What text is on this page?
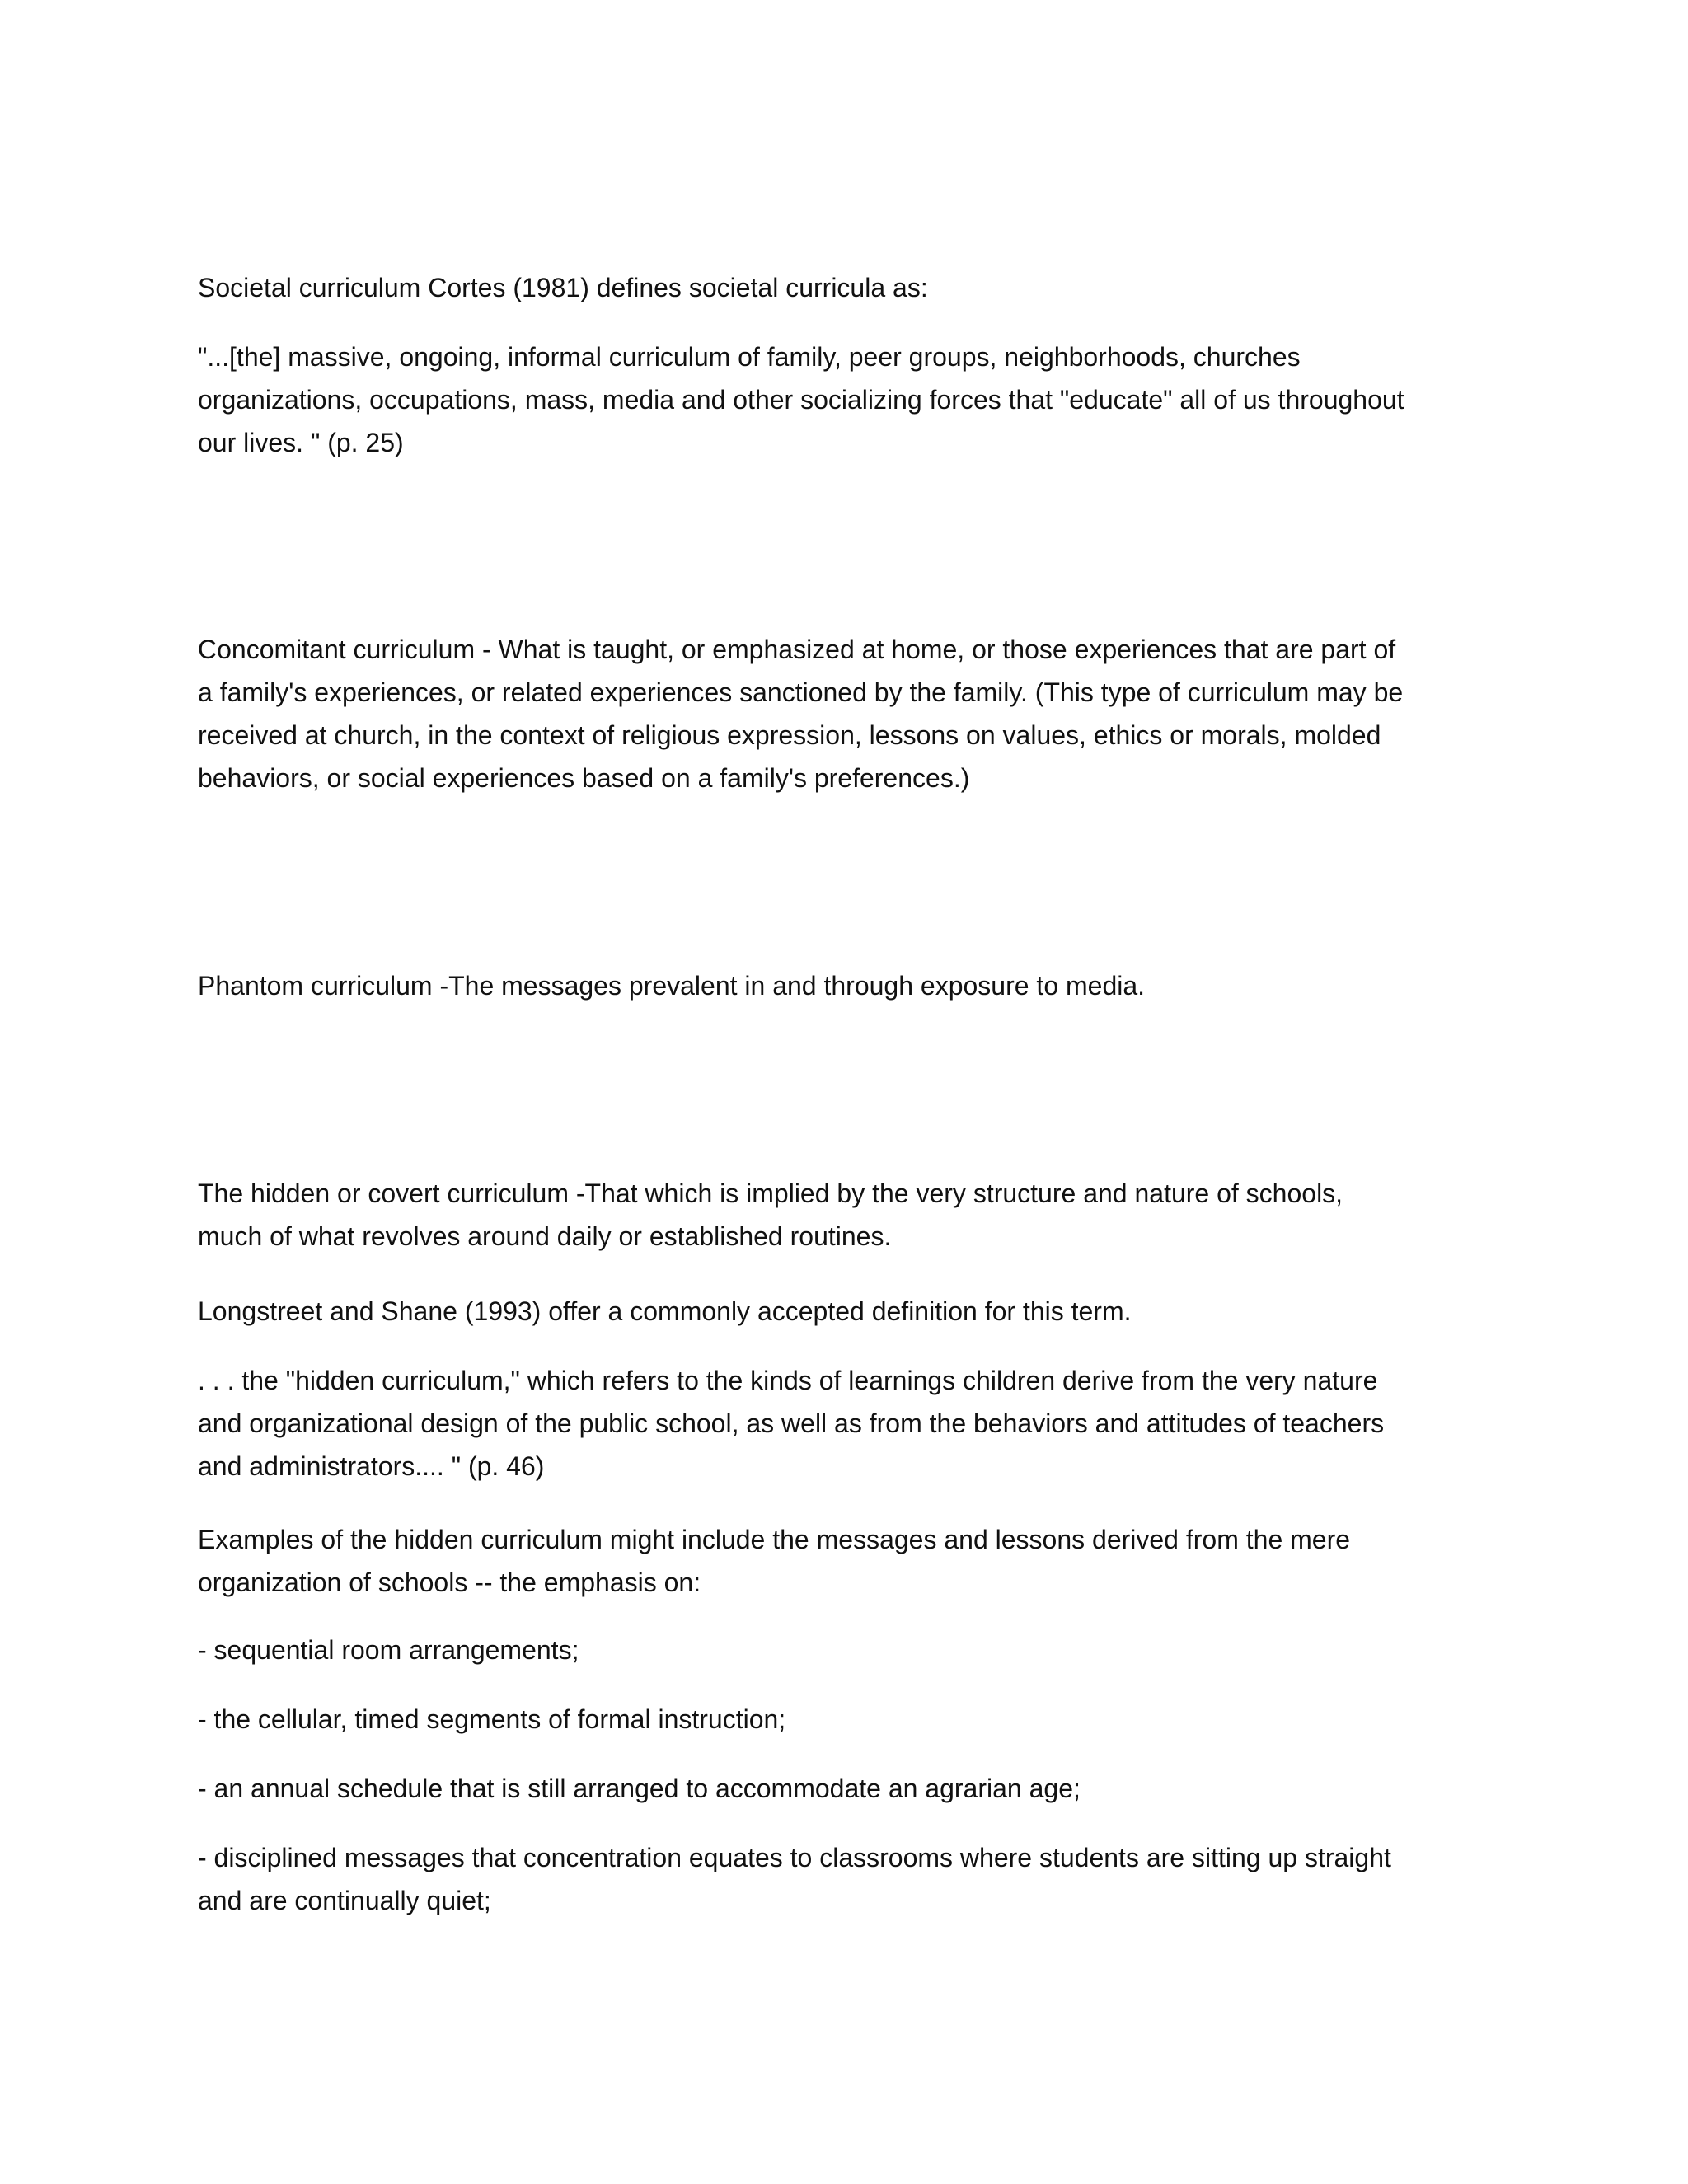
Societal curriculum Cortes (1981) defines societal curricula as:

"...[the] massive, ongoing, informal curriculum of family, peer groups, neighborhoods, churches
organizations, occupations, mass, media and other socializing forces that "educate" all of us throughout
our lives. " (p. 25)

Concomitant curriculum - What is taught, or emphasized at home, or those experiences that are part of
a family's experiences, or related experiences sanctioned by the family. (This type of curriculum may be
received at church, in the context of religious expression, lessons on values, ethics or morals, molded
behaviors, or social experiences based on a family's preferences.)

Phantom curriculum -The messages prevalent in and through exposure to media.

The hidden or covert curriculum -That which is implied by the very structure and nature of schools,
much of what revolves around daily or established routines.

Longstreet and Shane (1993) offer a commonly accepted definition for this term.

. . . the "hidden curriculum," which refers to the kinds of learnings children derive from the very nature
and organizational design of the public school, as well as from the behaviors and attitudes of teachers
and administrators.... " (p. 46)

Examples of the hidden curriculum might include the messages and lessons derived from the mere
organization of schools -- the emphasis on:

- sequential room arrangements;

- the cellular, timed segments of formal instruction;

- an annual schedule that is still arranged to accommodate an agrarian age;

- disciplined messages that concentration equates to classrooms where students are sitting up straight
and are continually quiet;
